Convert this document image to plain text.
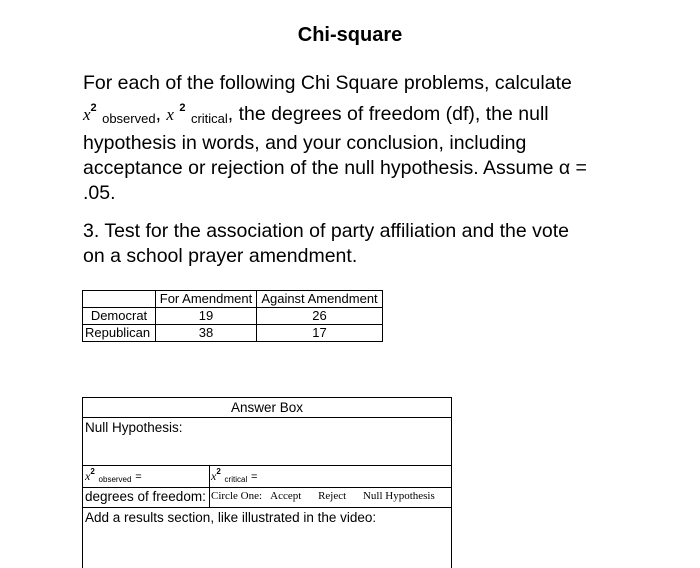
Chi-square
For each of the following Chi Square problems, calculate
$x^2$ $_{observed}$, x $^2$ $_{critical}$, the degrees of freedom (df), the null
hypothesis in words, and your conclusion, including
acceptance or rejection of the null hypothesis. Assume α =
.05.
3. Test for the association of party affiliation and the vote
on a school prayer amendment.
	For Amendment	Against Amendment
Democrat	19	26
Republican	38	17
Answer Box
Null Hypothesis:
$x^2$ observed =	$x^2$ critical =
degrees of freedom: Circle One: Accept Reject Null Hypothesis
Add a results section, like illustrated in the video:
